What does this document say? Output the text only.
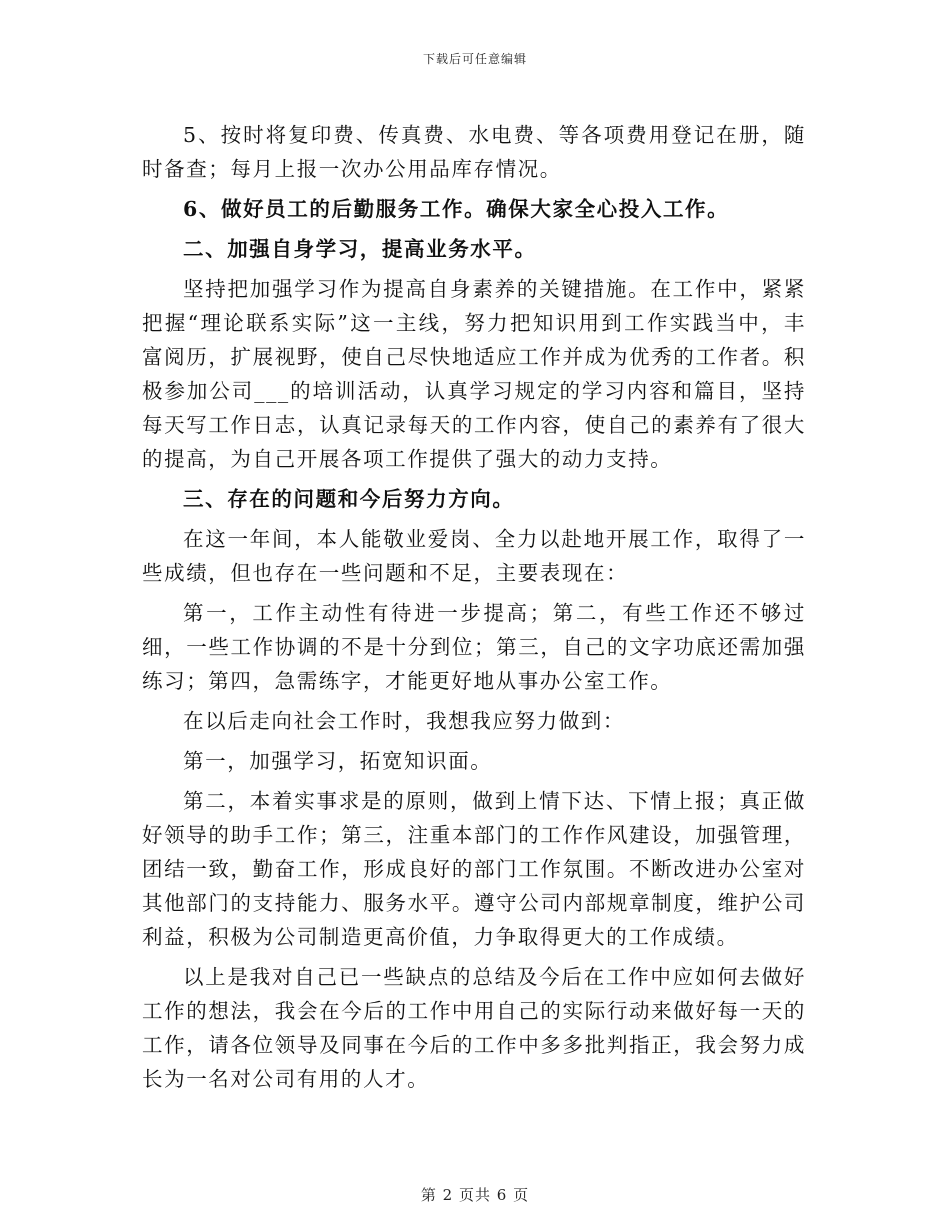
下载后可任意编辑

5、按时将复印费、传真费、水电费、等各项费用登记在册，随时备查；每月上报一次办公用品库存情况。

6、做好员工的后勤服务工作。确保大家全心投入工作。

二、加强自身学习，提高业务水平。

坚持把加强学习作为提高自身素养的关键措施。在工作中，紧紧把握“理论联系实际”这一主线，努力把知识用到工作实践当中，丰富阅历，扩展视野，使自己尽快地适应工作并成为优秀的工作者。积极参加公司___的培训活动，认真学习规定的学习内容和篇目，坚持每天写工作日志，认真记录每天的工作内容，使自己的素养有了很大的提高，为自己开展各项工作提供了强大的动力支持。

三、存在的问题和今后努力方向。

在这一年间，本人能敬业爱岗、全力以赴地开展工作，取得了一些成绩，但也存在一些问题和不足，主要表现在：

第一，工作主动性有待进一步提高；第二，有些工作还不够过细，一些工作协调的不是十分到位；第三，自己的文字功底还需加强练习；第四，急需练字，才能更好地从事办公室工作。

在以后走向社会工作时，我想我应努力做到：

第一，加强学习，拓宽知识面。

第二，本着实事求是的原则，做到上情下达、下情上报；真正做好领导的助手工作；第三，注重本部门的工作作风建设，加强管理，团结一致，勤奋工作，形成良好的部门工作氛围。不断改进办公室对其他部门的支持能力、服务水平。遵守公司内部规章制度，维护公司利益，积极为公司制造更高价值，力争取得更大的工作成绩。

以上是我对自己已一些缺点的总结及今后在工作中应如何去做好工作的想法，我会在今后的工作中用自己的实际行动来做好每一天的工作，请各位领导及同事在今后的工作中多多批判指正，我会努力成长为一名对公司有用的人才。

第 2 页共 6 页
